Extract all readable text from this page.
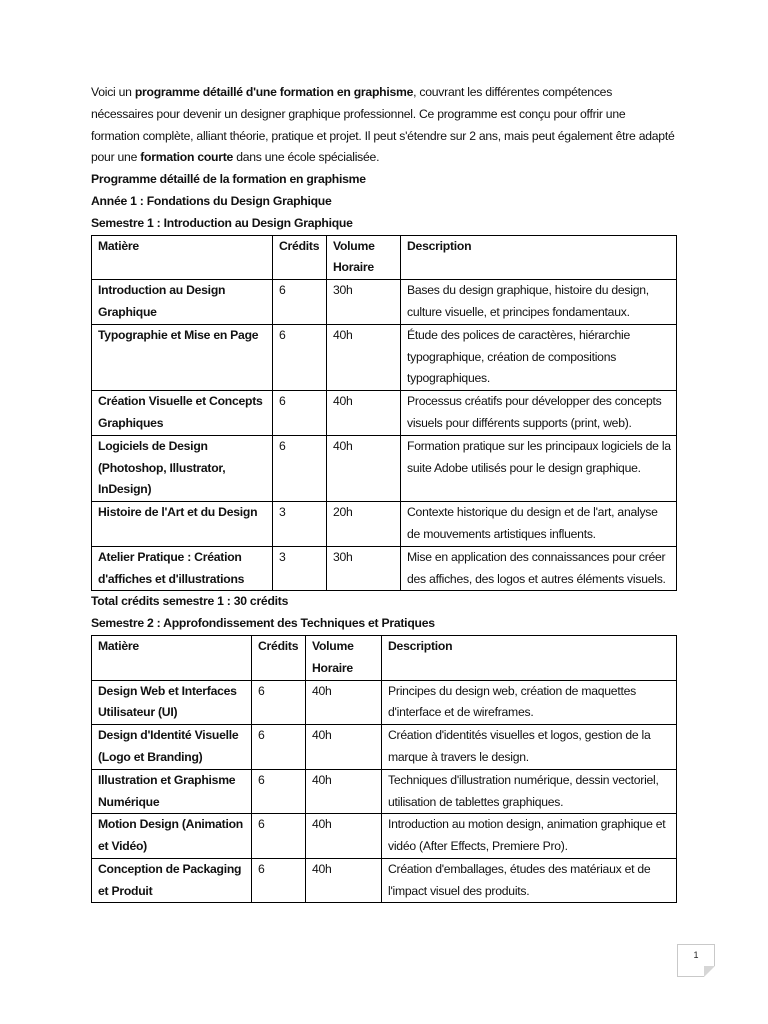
Voici un programme détaillé d'une formation en graphisme, couvrant les différentes compétences nécessaires pour devenir un designer graphique professionnel. Ce programme est conçu pour offrir une formation complète, alliant théorie, pratique et projet. Il peut s'étendre sur 2 ans, mais peut également être adapté pour une formation courte dans une école spécialisée.

Programme détaillé de la formation en graphisme

Année 1 : Fondations du Design Graphique

Semestre 1 : Introduction au Design Graphique

Matière	Crédits	Volume Horaire	Description
Introduction au Design Graphique	6	30h	Bases du design graphique, histoire du design, culture visuelle, et principes fondamentaux.
Typographie et Mise en Page	6	40h	Étude des polices de caractères, hiérarchie typographique, création de compositions typographiques.
Création Visuelle et Concepts Graphiques	6	40h	Processus créatifs pour développer des concepts visuels pour différents supports (print, web).
Logiciels de Design (Photoshop, Illustrator, InDesign)	6	40h	Formation pratique sur les principaux logiciels de la suite Adobe utilisés pour le design graphique.
Histoire de l'Art et du Design	3	20h	Contexte historique du design et de l'art, analyse de mouvements artistiques influents.
Atelier Pratique : Création d'affiches et d'illustrations	3	30h	Mise en application des connaissances pour créer des affiches, des logos et autres éléments visuels.

Total crédits semestre 1 : 30 crédits

Semestre 2 : Approfondissement des Techniques et Pratiques

Matière	Crédits	Volume Horaire	Description
Design Web et Interfaces Utilisateur (UI)	6	40h	Principes du design web, création de maquettes d'interface et de wireframes.
Design d'Identité Visuelle (Logo et Branding)	6	40h	Création d'identités visuelles et logos, gestion de la marque à travers le design.
Illustration et Graphisme Numérique	6	40h	Techniques d'illustration numérique, dessin vectoriel, utilisation de tablettes graphiques.
Motion Design (Animation et Vidéo)	6	40h	Introduction au motion design, animation graphique et vidéo (After Effects, Premiere Pro).
Conception de Packaging et Produit	6	40h	Création d'emballages, études des matériaux et de l'impact visuel des produits.
1
